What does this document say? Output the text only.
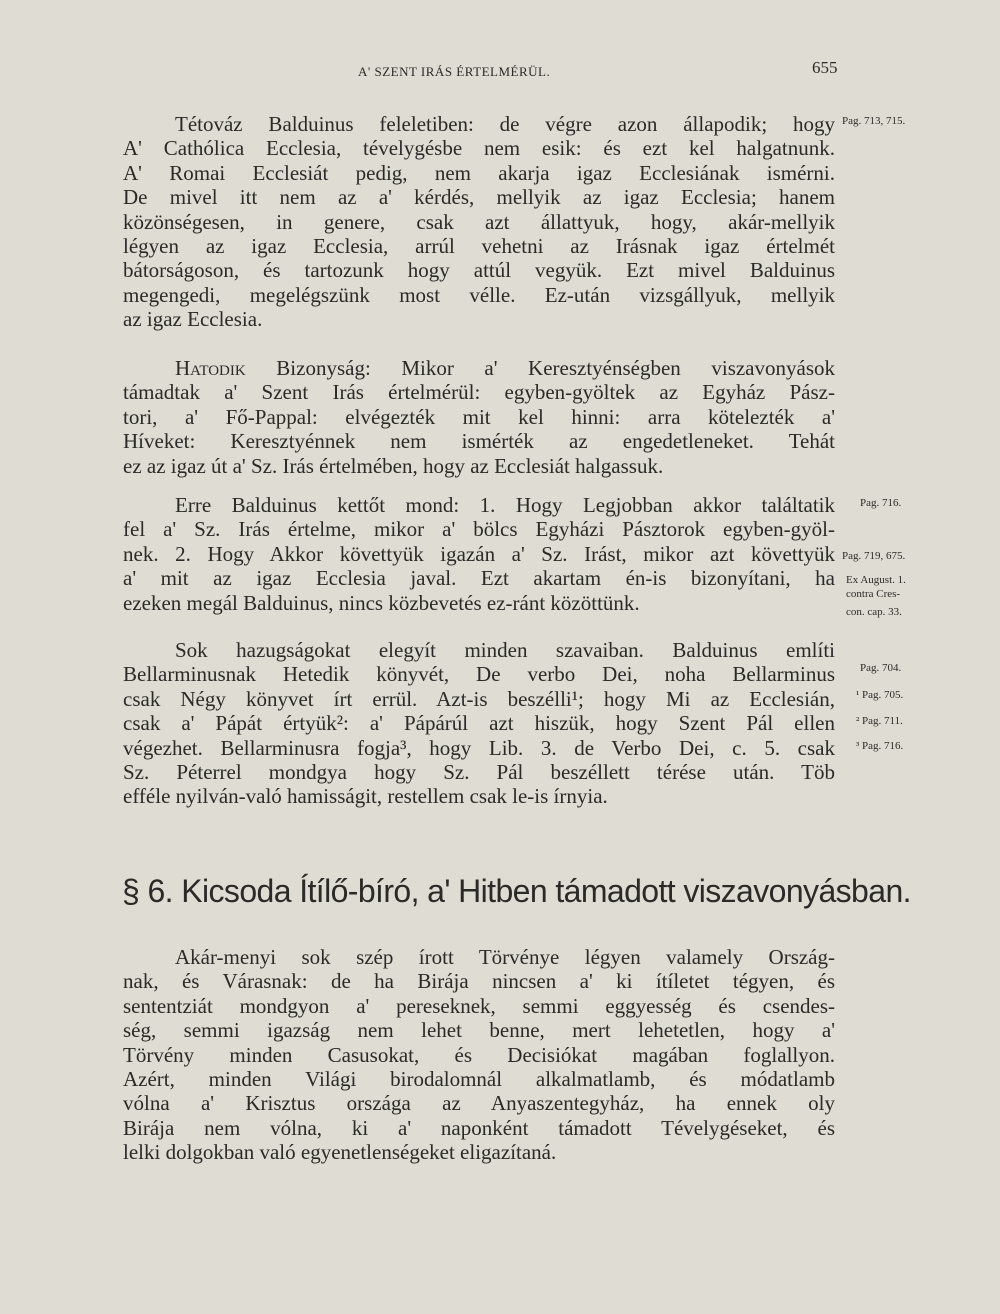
A' SZENT IRÁS ÉRTELMÉRÜL.	655

Tétováz Balduinus feleletiben: de végre azon állapodik; hogy
A' Cathólica Ecclesia, tévelygésbe nem esik: és ezt kel halgatnunk.
A' Romai Ecclesiát pedig, nem akarja igaz Ecclesiának ismérni.
De mivel itt nem az a' kérdés, mellyik az igaz Ecclesia; hanem
közönségesen, in genere, csak azt állattyuk, hogy, akár-mellyik
légyen az igaz Ecclesia, arrúl vehetni az Irásnak igaz értelmét
bátorságoson, és tartozunk hogy attúl vegyük. Ezt mivel Balduinus
megengedi, megelégszünk most vélle. Ez-után vizsgállyuk, mellyik
az igaz Ecclesia.

Hatodik Bizonyság: Mikor a' Keresztyénségben viszavonyások
támadtak a' Szent Irás értelmérül: egyben-gyöltek az Egyház Pász-
tori, a' Fő-Pappal: elvégezték mit kel hinni: arra kötelezték a'
Híveket: Keresztyénnek nem ismérték az engedetleneket. Tehát
ez az igaz út a' Sz. Irás értelmében, hogy az Ecclesiát halgassuk.

Erre Balduinus kettőt mond: 1. Hogy Legjobban akkor találtatik
fel a' Sz. Irás értelme, mikor a' bölcs Egyházi Pásztorok egyben-gyöl-
nek. 2. Hogy Akkor követtyük igazán a' Sz. Irást, mikor azt követtyük
a' mit az igaz Ecclesia javal. Ezt akartam én-is bizonyítani, ha
ezeken megál Balduinus, nincs közbevetés ez-ránt közöttünk.

Sok hazugságokat elegyít minden szavaiban. Balduinus említi
Bellarminusnak Hetedik könyvét, De verbo Dei, noha Bellarminus
csak Négy könyvet írt errül. Azt-is beszélli¹; hogy Mi az Ecclesián,
csak a' Pápát értyük²: a' Pápárúl azt hiszük, hogy Szent Pál ellen
végezhet. Bellarminusra fogja³, hogy Lib. 3. de Verbo Dei, c. 5. csak
Sz. Péterrel mondgya hogy Sz. Pál beszéllett térése után. Töb
efféle nyilván-való hamisságit, restellem csak le-is írnyia.

§ 6. Kicsoda Ítílő-bíró, a' Hitben támadott viszavonyásban.

Akár-menyi sok szép írott Törvénye légyen valamely Ország-
nak, és Várasnak: de ha Birája nincsen a' ki ítíletet tégyen, és
sententziát mondgyon a' pereseknek, semmi eggyesség és csendes-
ség, semmi igazság nem lehet benne, mert lehetetlen, hogy a'
Törvény minden Casusokat, és Decisiókat magában foglallyon.
Azért, minden Világi birodalomnál alkalmatlamb, és módatlamb
vólna a' Krisztus országa az Anyaszentegyház, ha ennek oly
Birája nem vólna, ki a' naponként támadott Tévelygéseket, és
lelki dolgokban való egyenetlenségeket eligazítaná.

Pag. 713, 715.
Pag. 716.
Pag. 719, 675.
Ex August. 1.
contra Cres-
con. cap. 33.
Pag. 704.
¹ Pag. 705.
² Pag. 711.
³ Pag. 716.
